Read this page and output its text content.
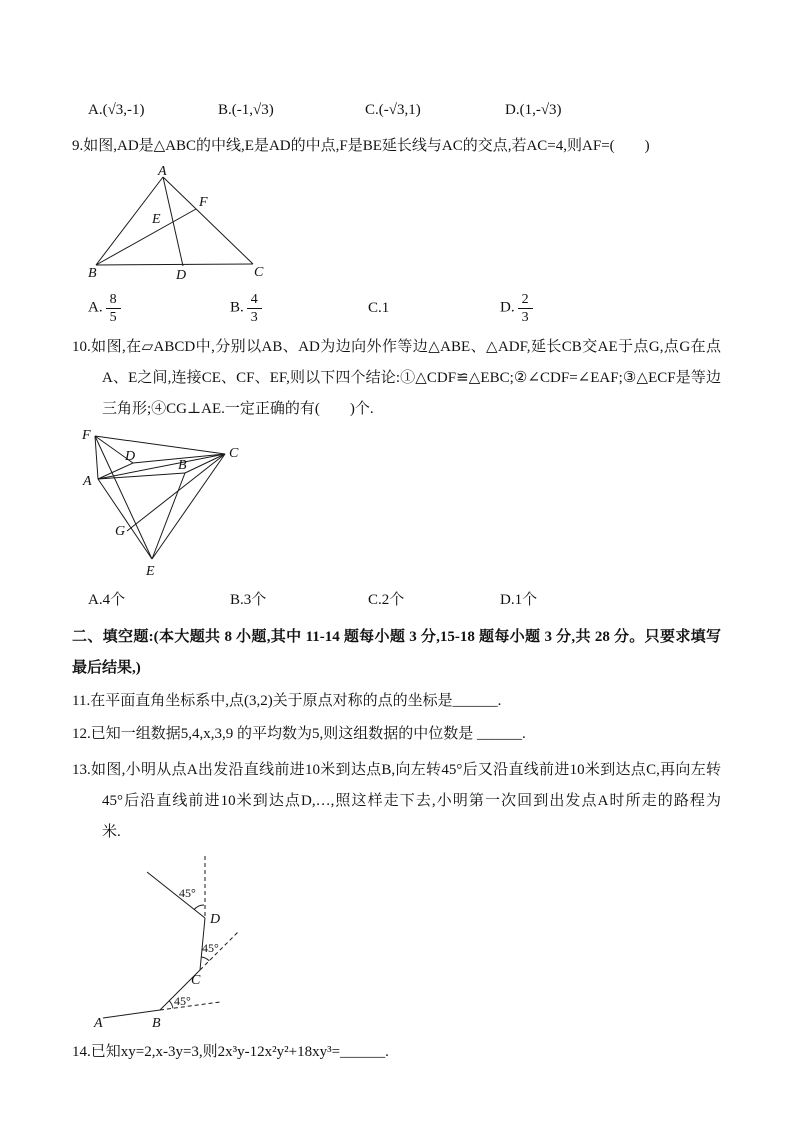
A.(√3,-1)	B.(-1,√3)	C.(-√3,1)	D.(1,-√3)

9.如图,AD是△ABC的中线,E是AD的中点,F是BE延长线与AC的交点,若AC=4,则AF=(　　)

A
B	C
D
E
F
A. $\frac{8}{5}$	B. $\frac{4}{3}$	C.1	D. $\frac{2}{3}$

10.如图,在▱ABCD中,分别以AB、AD为边向外作等边△ABE、△ADF,延长CB交AE于点G,点G在点A、E之间,连接CE、CF、EF,则以下四个结论:①△CDF≌△EBC;②∠CDF=∠EAF;③△ECF是等边三角形;④CG⊥AE.一定正确的有(　　)个.

F
C
A
D
B
G
E
A.4个	B.3个	C.2个	D.1个

二、填空题:(本大题共 8 小题,其中 11-14 题每小题 3 分,15-18 题每小题 3 分,共 28 分。只要求填写最后结果,)

11.在平面直角坐标系中,点(3,2)关于原点对称的点的坐标是______.

12.已知一组数据5,4,x,3,9 的平均数为5,则这组数据的中位数是 ______.

13.如图,小明从点A出发沿直线前进10米到达点B,向左转45°后又沿直线前进10米到达点C,再向左转45°后沿直线前进10米到达点D,…,照这样走下去,小明第一次回到出发点A时所走的路程为　　米.

A	B
C
D
45°
45°
45°

14.已知xy=2,x-3y=3,则2x³y-12x²y²+18xy³=______.
